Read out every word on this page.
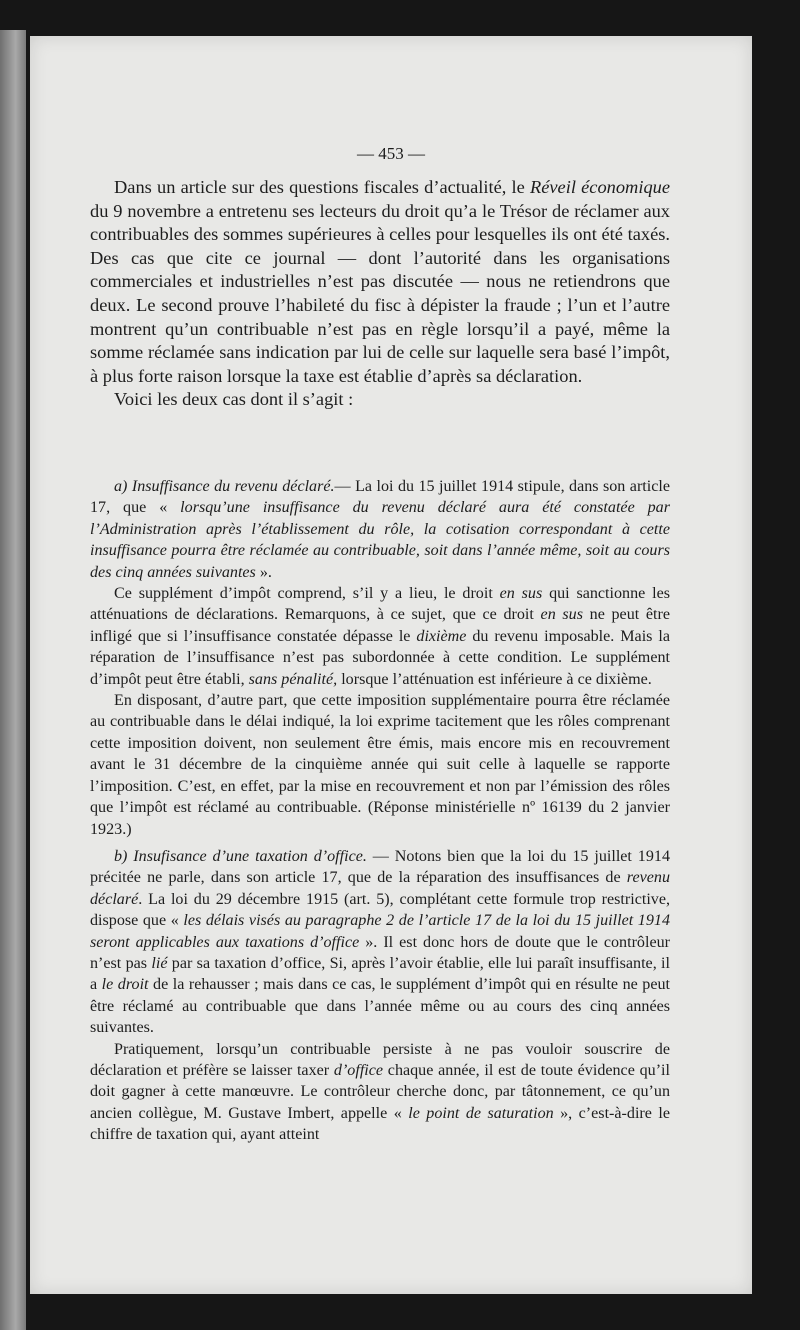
— 453 —

Dans un article sur des questions fiscales d’actualité, le Réveil économique du 9 novembre a entretenu ses lecteurs du droit qu’a le Trésor de réclamer aux contribuables des sommes supérieures à celles pour lesquelles ils ont été taxés. Des cas que cite ce journal — dont l’autorité dans les organisations commerciales et industrielles n’est pas discutée — nous ne retiendrons que deux. Le second prouve l’habileté du fisc à dépister la fraude ; l’un et l’autre montrent qu’un contribuable n’est pas en règle lorsqu’il a payé, même la somme réclamée sans indication par lui de celle sur laquelle sera basé l’impôt, à plus forte raison lorsque la taxe est établie d’après sa déclaration.

Voici les deux cas dont il s’agit :

a) Insuffisance du revenu déclaré.— La loi du 15 juillet 1914 stipule, dans son article 17, que « lorsqu’une insuffisance du revenu déclaré aura été constatée par l’Administration après l’établissement du rôle, la cotisation correspondant à cette insuffisance pourra être réclamée au contribuable, soit dans l’année même, soit au cours des cinq années suivantes ».

Ce supplément d’impôt comprend, s’il y a lieu, le droit en sus qui sanctionne les atténuations de déclarations. Remarquons, à ce sujet, que ce droit en sus ne peut être infligé que si l’insuffisance constatée dépasse le dixième du revenu imposable. Mais la réparation de l’insuffisance n’est pas subordonnée à cette condition. Le supplément d’impôt peut être établi, sans pénalité, lorsque l’atténuation est inférieure à ce dixième.

En disposant, d’autre part, que cette imposition supplémentaire pourra être réclamée au contribuable dans le délai indiqué, la loi exprime tacitement que les rôles comprenant cette imposition doivent, non seulement être émis, mais encore mis en recouvrement avant le 31 décembre de la cinquième année qui suit celle à laquelle se rapporte l’imposition. C’est, en effet, par la mise en recouvrement et non par l’émission des rôles que l’impôt est réclamé au contribuable. (Réponse ministérielle nº 16139 du 2 janvier 1923.)

b) Insufisance d’une taxation d’office. — Notons bien que la loi du 15 juillet 1914 précitée ne parle, dans son article 17, que de la réparation des insuffisances de revenu déclaré. La loi du 29 décembre 1915 (art. 5), complétant cette formule trop restrictive, dispose que « les délais visés au paragraphe 2 de l’article 17 de la loi du 15 juillet 1914 seront applicables aux taxations d’office ». Il est donc hors de doute que le contrôleur n’est pas lié par sa taxation d’office, Si, après l’avoir établie, elle lui paraît insuffisante, il a le droit de la rehausser ; mais dans ce cas, le supplément d’impôt qui en résulte ne peut être réclamé au contribuable que dans l’année même ou au cours des cinq années suivantes.

Pratiquement, lorsqu’un contribuable persiste à ne pas vouloir souscrire de déclaration et préfère se laisser taxer d’office chaque année, il est de toute évidence qu’il doit gagner à cette manœuvre. Le contrôleur cherche donc, par tâtonnement, ce qu’un ancien collègue, M. Gustave Imbert, appelle « le point de saturation », c’est-à-dire le chiffre de taxation qui, ayant atteint
